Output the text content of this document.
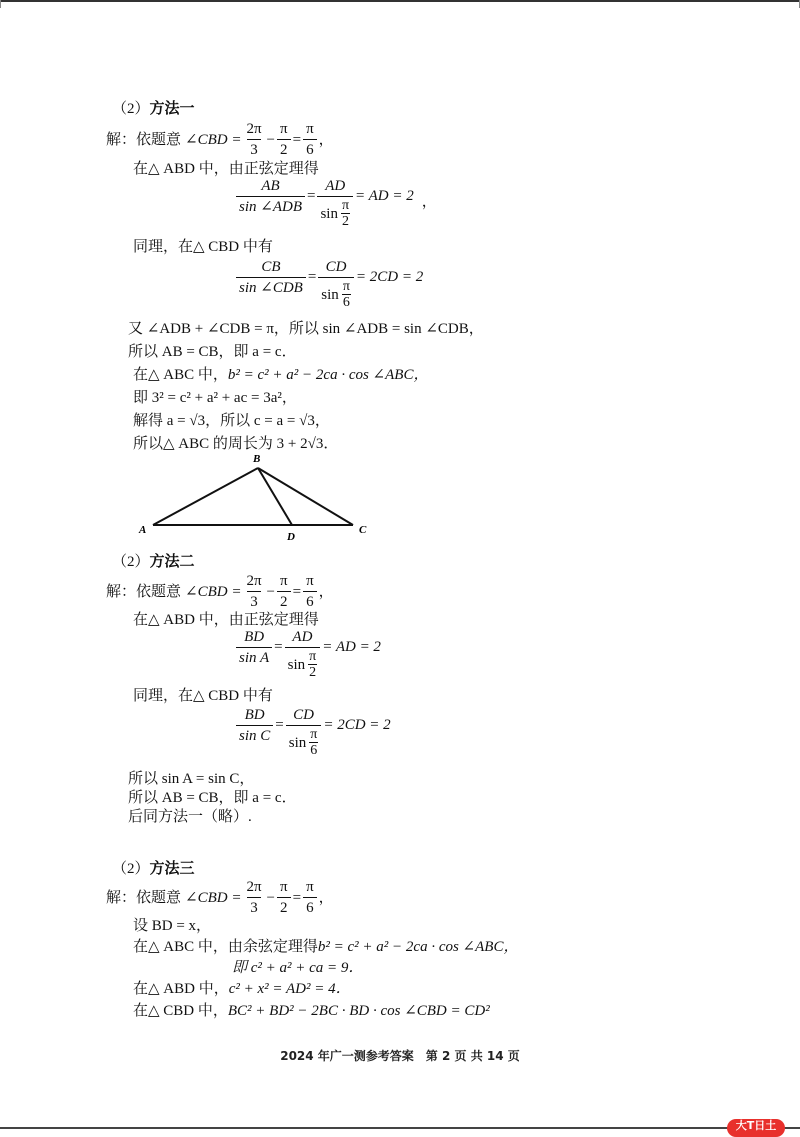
（2）方法一
解：依题意 ∠CBD = $\frac{2\pi}{3} - \frac{\pi}{2} = \frac{\pi}{6}$ ，
在△ ABD 中，由正弦定理得
$\frac{AB}{\text{sin ∠ADB}} = \frac{AD}{\sin \frac{\pi}{2}}$ = AD = 2 ，
同理，在△ CBD 中有
$\frac{CB}{\text{sin ∠CDB}} = \frac{CD}{\sin \frac{\pi}{6}} = 2CD = 2$
又 ∠ADB + ∠CDB = π，所以 sin ∠ADB = sin ∠CDB，
所以 AB = CB，即 a = c．
在△ ABC 中，b² = c² + a² − 2ca · cos ∠ABC，
即 3² = c² + a² + ac = 3a²，
解得 a = √3，所以 c = a = √3，
所以△ ABC 的周长为 3 + 2√3．
B
A	C
D
（2）方法二
解：依题意 ∠CBD = $\frac{2\pi}{3} - \frac{\pi}{2} = \frac{\pi}{6}$ ，
在△ ABD 中，由正弦定理得
$\frac{BD}{\text{sin A}} = \frac{AD}{\sin \frac{\pi}{2}}$ = AD = 2
同理，在△ CBD 中有
$\frac{BD}{\text{sin C}} = \frac{CD}{\sin \frac{\pi}{6}} = 2CD = 2$
所以 sin A = sin C，
所以 AB = CB，即 a = c．
后同方法一（略）.
（2）方法三
解：依题意 ∠CBD = $\frac{2\pi}{3} - \frac{\pi}{2} = \frac{\pi}{6}$ ，
设 BD = x，
在△ ABC 中，由余弦定理得b² = c² + a² − 2ca · cos ∠ABC，
即 c² + a² + ca = 9．
在△ ABD 中，c² + x² = AD² = 4．
在△ CBD 中，BC² + BD² − 2BC · BD · cos ∠CBD = CD²
2024 年广一测参考答案　第 2 页 共 14 页
大T日土
